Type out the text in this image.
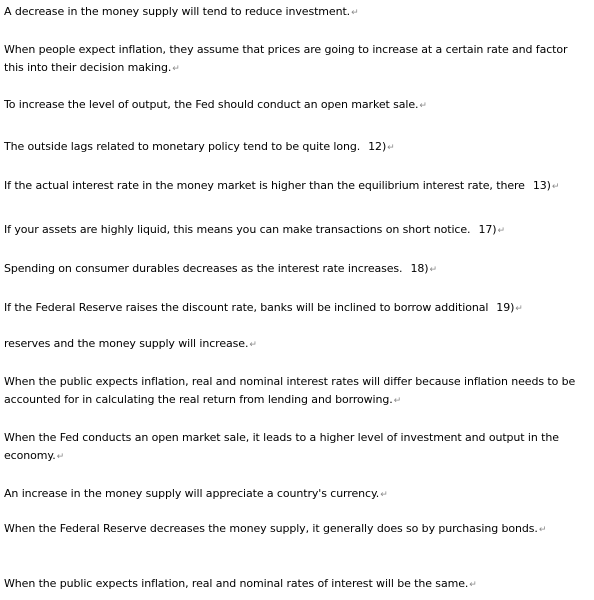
A decrease in the money supply will tend to reduce investment.↵
When people expect inflation, they assume that prices are going to increase at a certain rate and factor this into their decision making.↵
To increase the level of output, the Fed should conduct an open market sale.↵
The outside lags related to monetary policy tend to be quite long. 12)↵
If the actual interest rate in the money market is higher than the equilibrium interest rate, there 13)↵
If your assets are highly liquid, this means you can make transactions on short notice. 17)↵
Spending on consumer durables decreases as the interest rate increases. 18)↵
If the Federal Reserve raises the discount rate, banks will be inclined to borrow additional 19)↵
reserves and the money supply will increase.↵
When the public expects inflation, real and nominal interest rates will differ because inflation needs to be accounted for in calculating the real return from lending and borrowing.↵
When the Fed conducts an open market sale, it leads to a higher level of investment and output in the economy.↵
An increase in the money supply will appreciate a country's currency.↵
When the Federal Reserve decreases the money supply, it generally does so by purchasing bonds.↵
When the public expects inflation, real and nominal rates of interest will be the same.↵
